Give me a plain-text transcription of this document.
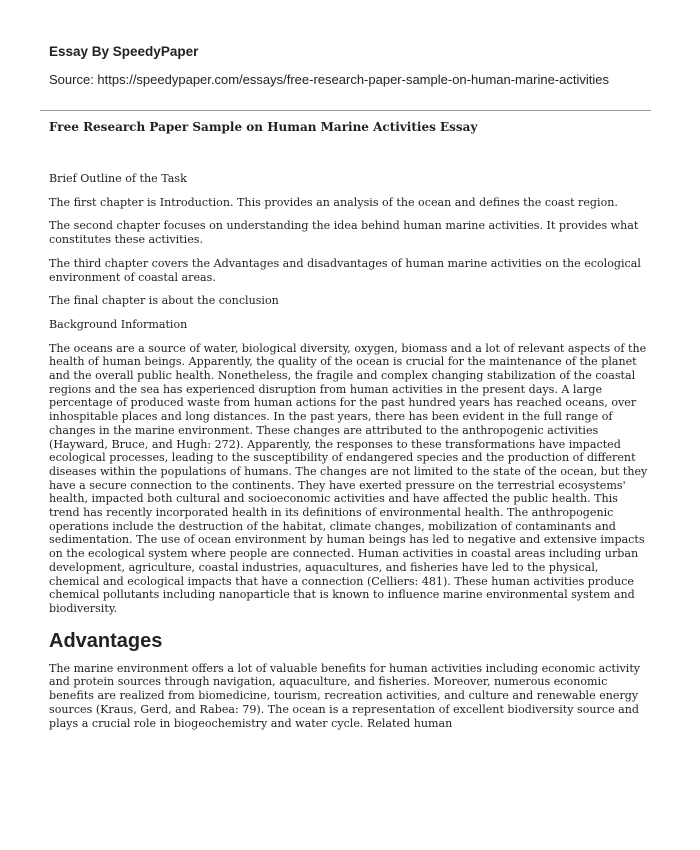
Essay By SpeedyPaper

Source: https://speedypaper.com/essays/free-research-paper-sample-on-human-marine-activities

Free Research Paper Sample on Human Marine Activities Essay

Brief Outline of the Task

The first chapter is Introduction. This provides an analysis of the ocean and defines the coast region.

The second chapter focuses on understanding the idea behind human marine activities. It provides what constitutes these activities.

The third chapter covers the Advantages and disadvantages of human marine activities on the ecological environment of coastal areas.

The final chapter is about the conclusion

Background Information

The oceans are a source of water, biological diversity, oxygen, biomass and a lot of relevant aspects of the health of human beings. Apparently, the quality of the ocean is crucial for the maintenance of the planet and the overall public health. Nonetheless, the fragile and complex changing stabilization of the coastal regions and the sea has experienced disruption from human activities in the present days. A large percentage of produced waste from human actions for the past hundred years has reached oceans, over inhospitable places and long distances. In the past years, there has been evident in the full range of changes in the marine environment. These changes are attributed to the anthropogenic activities (Hayward, Bruce, and Hugh: 272). Apparently, the responses to these transformations have impacted ecological processes, leading to the susceptibility of endangered species and the production of different diseases within the populations of humans. The changes are not limited to the state of the ocean, but they have a secure connection to the continents. They have exerted pressure on the terrestrial ecosystems' health, impacted both cultural and socioeconomic activities and have affected the public health. This trend has recently incorporated health in its definitions of environmental health. The anthropogenic operations include the destruction of the habitat, climate changes, mobilization of contaminants and sedimentation. The use of ocean environment by human beings has led to negative and extensive impacts on the ecological system where people are connected. Human activities in coastal areas including urban development, agriculture, coastal industries, aquacultures, and fisheries have led to the physical, chemical and ecological impacts that have a connection (Celliers: 481). These human activities produce chemical pollutants including nanoparticle that is known to influence marine environmental system and biodiversity.

Advantages

The marine environment offers a lot of valuable benefits for human activities including economic activity and protein sources through navigation, aquaculture, and fisheries. Moreover, numerous economic benefits are realized from biomedicine, tourism, recreation activities, and culture and renewable energy sources (Kraus, Gerd, and Rabea: 79). The ocean is a representation of excellent biodiversity source and plays a crucial role in biogeochemistry and water cycle. Related human
